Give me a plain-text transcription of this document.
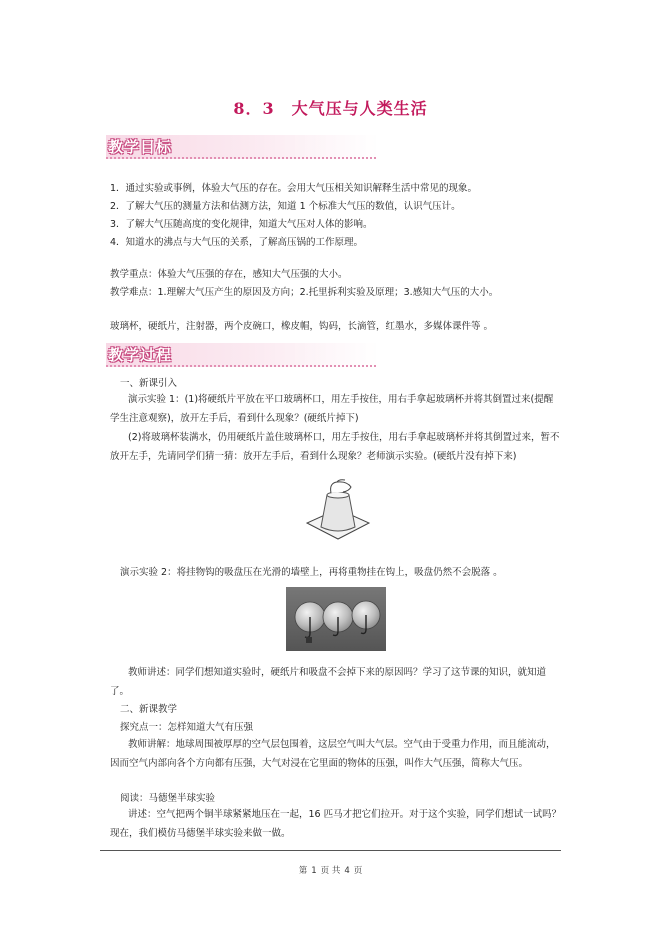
8．3　大气压与人类生活
教学目标
1．通过实验或事例，体验大气压的存在。会用大气压相关知识解释生活中常见的现象。
2．了解大气压的测量方法和估测方法，知道 1 个标准大气压的数值，认识气压计。
3．了解大气压随高度的变化规律，知道大气压对人体的影响。
4．知道水的沸点与大气压的关系，了解高压锅的工作原理。
教学重点：体验大气压强的存在，感知大气压强的大小。
教学难点：1.理解大气压产生的原因及方向；2.托里拆利实验及原理；3.感知大气压的大小。
玻璃杯，硬纸片，注射器，两个皮碗口，橡皮帽，钩码，长滴管，红墨水，多媒体课件等 。
教学过程
一、新课引入
演示实验 1：(1)将硬纸片平放在平口玻璃杯口，用左手按住，用右手拿起玻璃杯并将其倒置过来(提醒学生注意观察)，放开左手后，看到什么现象？(硬纸片掉下)
(2)将玻璃杯装满水，仍用硬纸片盖住玻璃杯口，用左手按住，用右手拿起玻璃杯并将其倒置过来，暂不放开左手，先请同学们猜一猜：放开左手后，看到什么现象？老师演示实验。(硬纸片没有掉下来)
演示实验 2：将挂物钩的吸盘压在光滑的墙壁上，再将重物挂在钩上，吸盘仍然不会脱落 。
教师讲述：同学们想知道实验时，硬纸片和吸盘不会掉下来的原因吗？学习了这节课的知识，就知道了。
二、新课教学
探究点一：怎样知道大气有压强
教师讲解：地球周围被厚厚的空气层包围着，这层空气叫大气层。空气由于受重力作用，而且能流动，因而空气内部向各个方向都有压强，大气对浸在它里面的物体的压强，叫作大气压强，简称大气压。
阅读：马德堡半球实验
讲述：空气把两个铜半球紧紧地压在一起，16 匹马才把它们拉开。对于这个实验，同学们想试一试吗？现在，我们模仿马德堡半球实验来做一做。
第 1 页 共 4 页
